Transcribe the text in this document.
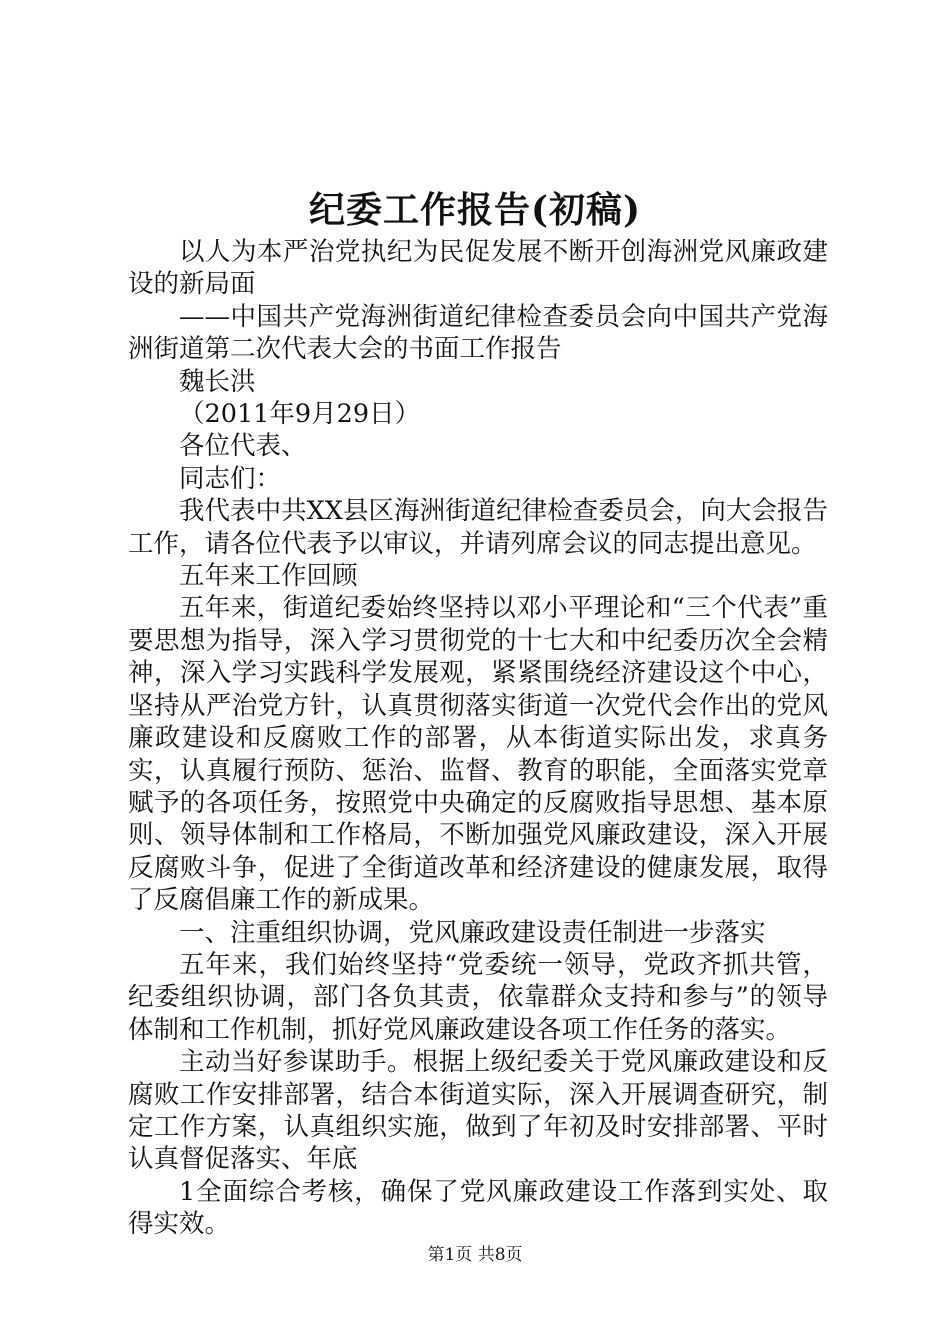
纪委工作报告(初稿)

以人为本严治党执纪为民促发展不断开创海洲党风廉政建设的新局面

——中国共产党海洲街道纪律检查委员会向中国共产党海洲街道第二次代表大会的书面工作报告

魏长洪

（2011年9月29日）

各位代表、

同志们：

我代表中共XX县区海洲街道纪律检查委员会，向大会报告工作，请各位代表予以审议，并请列席会议的同志提出意见。

五年来工作回顾

五年来，街道纪委始终坚持以邓小平理论和“三个代表”重要思想为指导，深入学习贯彻党的十七大和中纪委历次全会精神，深入学习实践科学发展观，紧紧围绕经济建设这个中心，坚持从严治党方针，认真贯彻落实街道一次党代会作出的党风廉政建设和反腐败工作的部署，从本街道实际出发，求真务实，认真履行预防、惩治、监督、教育的职能，全面落实党章赋予的各项任务，按照党中央确定的反腐败指导思想、基本原则、领导体制和工作格局，不断加强党风廉政建设，深入开展反腐败斗争，促进了全街道改革和经济建设的健康发展，取得了反腐倡廉工作的新成果。

一、注重组织协调，党风廉政建设责任制进一步落实

五年来，我们始终坚持“党委统一领导，党政齐抓共管，纪委组织协调，部门各负其责，依靠群众支持和参与”的领导体制和工作机制，抓好党风廉政建设各项工作任务的落实。

主动当好参谋助手。根据上级纪委关于党风廉政建设和反腐败工作安排部署，结合本街道实际，深入开展调查研究，制定工作方案，认真组织实施，做到了年初及时安排部署、平时认真督促落实、年底

1全面综合考核，确保了党风廉政建设工作落到实处、取得实效。

第1页 共8页
